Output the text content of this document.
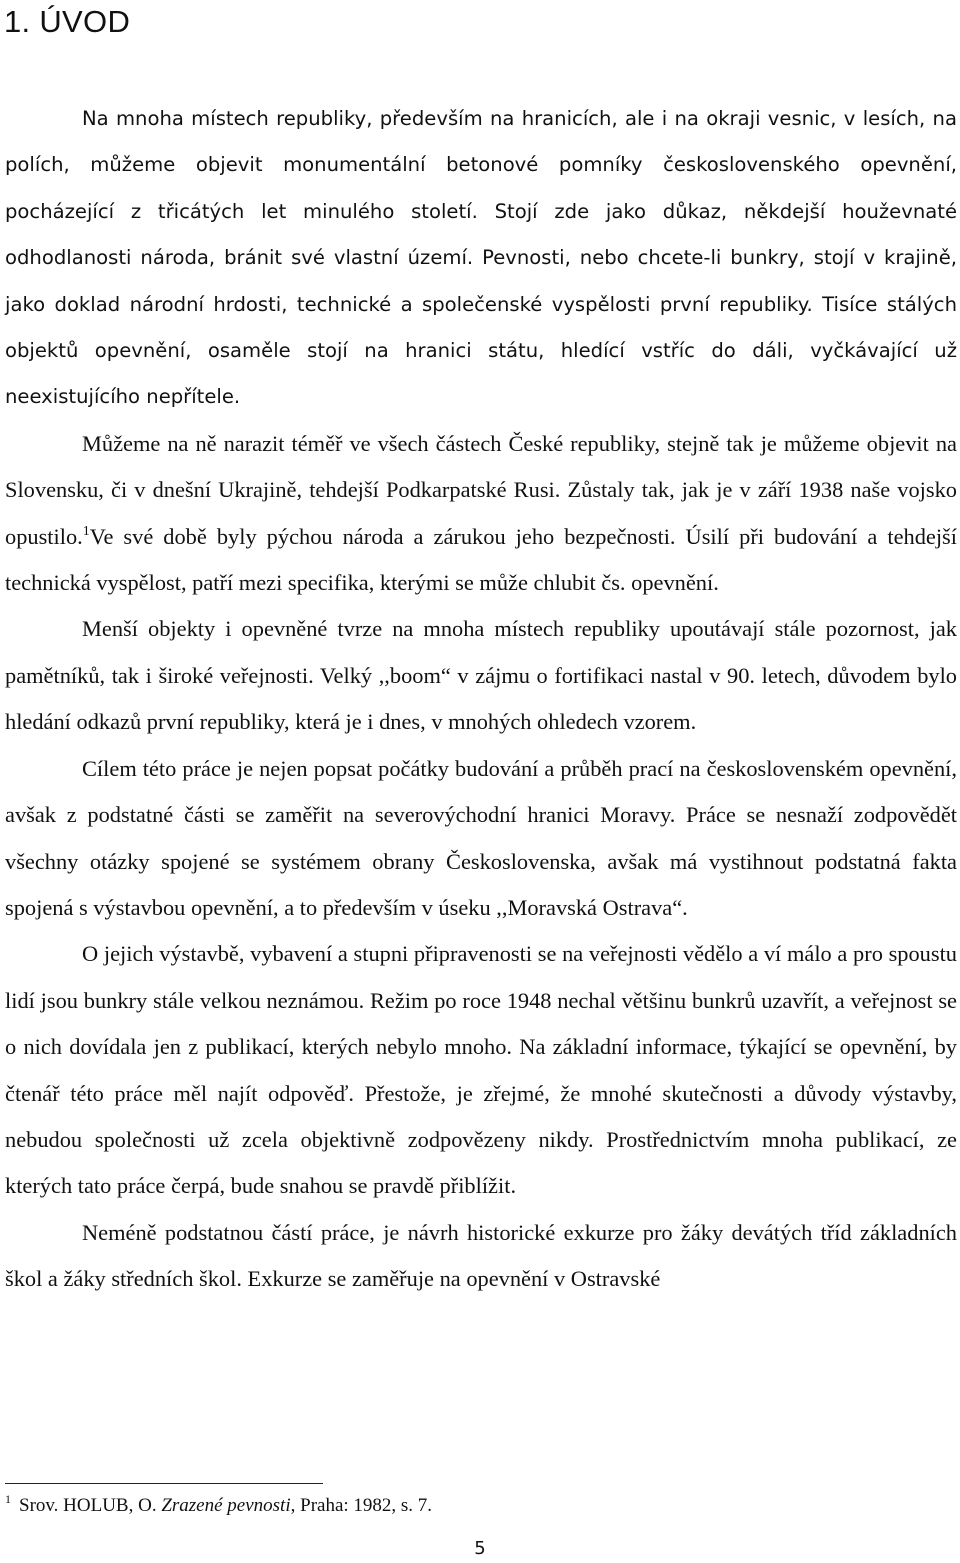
1. ÚVOD

Na mnoha místech republiky, především na hranicích, ale i na okraji vesnic, v lesích, na polích, můžeme objevit monumentální betonové pomníky československého opevnění, pocházející z třicátých let minulého století. Stojí zde jako důkaz, někdejší houževnaté odhodlanosti národa, bránit své vlastní území. Pevnosti, nebo chcete-li bunkry, stojí v krajině, jako doklad národní hrdosti, technické a společenské vyspělosti první republiky. Tisíce stálých objektů opevnění, osaměle stojí na hranici státu, hledící vstříc do dáli, vyčkávající už neexistujícího nepřítele.

Můžeme na ně narazit téměř ve všech částech České republiky, stejně tak je můžeme objevit na Slovensku, či v dnešní Ukrajině, tehdejší Podkarpatské Rusi. Zůstaly tak, jak je v září 1938 naše vojsko opustilo.$^1$Ve své době byly pýchou národa a zárukou jeho bezpečnosti. Úsilí při budování a tehdejší technická vyspělost, patří mezi specifika, kterými se může chlubit čs. opevnění.

Menší objekty i opevněné tvrze na mnoha místech republiky upoutávají stále pozornost, jak pamětníků, tak i široké veřejnosti. Velký ,,boom“ v zájmu o fortifikaci nastal v 90. letech, důvodem bylo hledání odkazů první republiky, která je i dnes, v mnohých ohledech vzorem.

Cílem této práce je nejen popsat počátky budování a průběh prací na československém opevnění, avšak z podstatné části se zaměřit na severovýchodní hranici Moravy. Práce se nesnaží zodpovědět všechny otázky spojené se systémem obrany Československa, avšak má vystihnout podstatná fakta spojená s výstavbou opevnění, a to především v úseku ,,Moravská Ostrava“.

O jejich výstavbě, vybavení a stupni připravenosti se na veřejnosti vědělo a ví málo a pro spoustu lidí jsou bunkry stále velkou neznámou. Režim po roce 1948 nechal většinu bunkrů uzavřít, a veřejnost se o nich dovídala jen z publikací, kterých nebylo mnoho. Na základní informace, týkající se opevnění, by čtenář této práce měl najít odpověď. Přestože, je zřejmé, že mnohé skutečnosti a důvody výstavby, nebudou společnosti už zcela objektivně zodpovězeny nikdy. Prostřednictvím mnoha publikací, ze kterých tato práce čerpá, bude snahou se pravdě přiblížit.

Neméně podstatnou částí práce, je návrh historické exkurze pro žáky devátých tříd základních škol a žáky středních škol. Exkurze se zaměřuje na opevnění v Ostravské

$^1$ Srov. HOLUB, O. Zrazené pevnosti, Praha: 1982, s. 7.

5
